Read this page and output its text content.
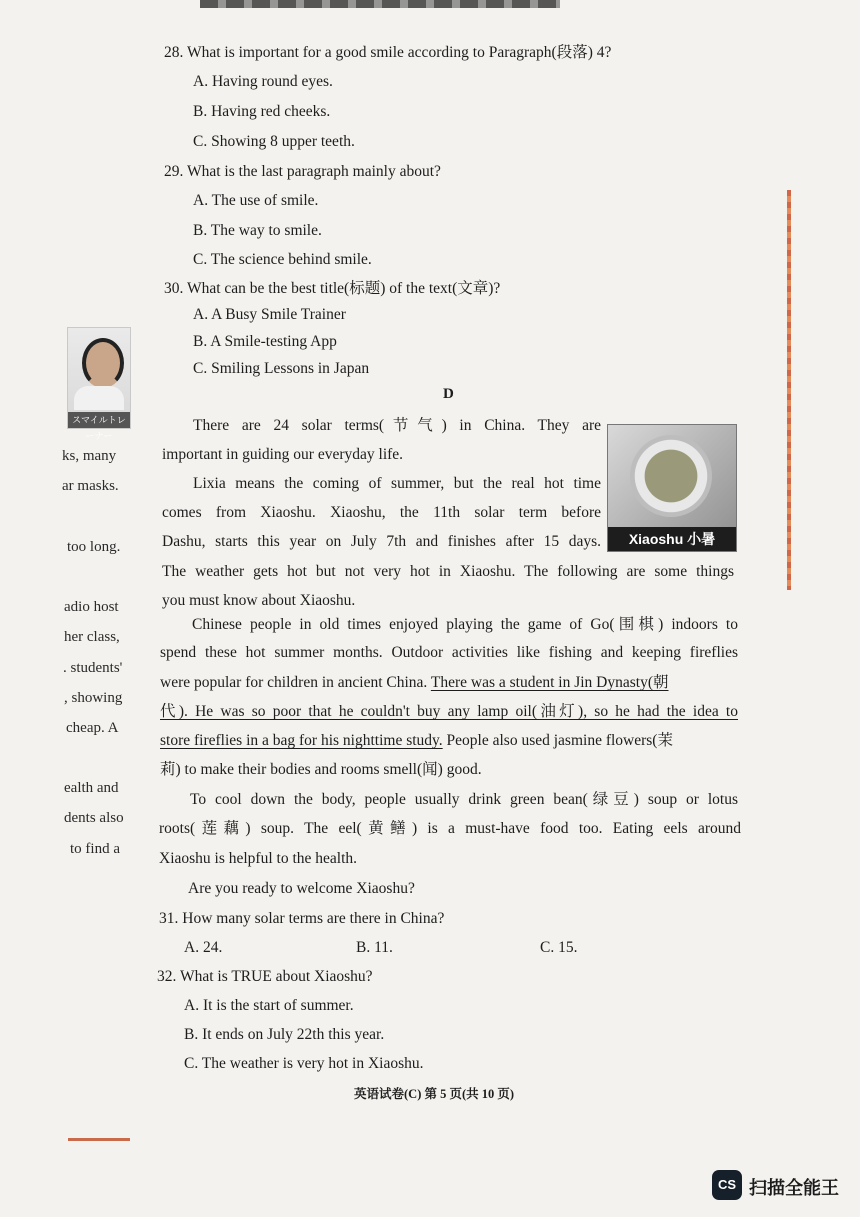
28. What is important for a good smile according to Paragraph(段落) 4?
A. Having round eyes.
B. Having red cheeks.
C. Showing 8 upper teeth.
29. What is the last paragraph mainly about?
A. The use of smile.
B. The way to smile.
C. The science behind smile.
30. What can be the best title(标题) of the text(文章)?
A. A Busy Smile Trainer
B. A Smile-testing App
C. Smiling Lessons in Japan
D
スマイルトレーナー
Xiaoshu 小暑
There are 24 solar terms(节气) in China. They are
important in guiding our everyday life.
Lixia means the coming of summer, but the real hot time
comes from Xiaoshu. Xiaoshu, the 11th solar term before
Dashu, starts this year on July 7th and finishes after 15 days.
The weather gets hot but not very hot in Xiaoshu. The following are some things
you must know about Xiaoshu.
Chinese people in old times enjoyed playing the game of Go(围棋) indoors to
spend these hot summer months. Outdoor activities like fishing and keeping fireflies
were popular for children in ancient China. There was a student in Jin Dynasty(朝
代). He was so poor that he couldn't buy any lamp oil(油灯), so he had the idea to
store fireflies in a bag for his nighttime study. People also used jasmine flowers(茉
莉) to make their bodies and rooms smell(闻) good.
To cool down the body, people usually drink green bean(绿豆) soup or lotus
roots(莲藕) soup. The eel(黄鳝) is a must-have food too. Eating eels around
Xiaoshu is helpful to the health.
Are you ready to welcome Xiaoshu?
31. How many solar terms are there in China?
A. 24.	B. 11.	C. 15.
32. What is TRUE about Xiaoshu?
A. It is the start of summer.
B. It ends on July 22th this year.
C. The weather is very hot in Xiaoshu.
ks, many
ar masks.
too long.
adio host
her class,
. students'
, showing
cheap. A
ealth and
dents also
to find a
英语试卷(C) 第 5 页(共 10 页)
CS 扫描全能王
